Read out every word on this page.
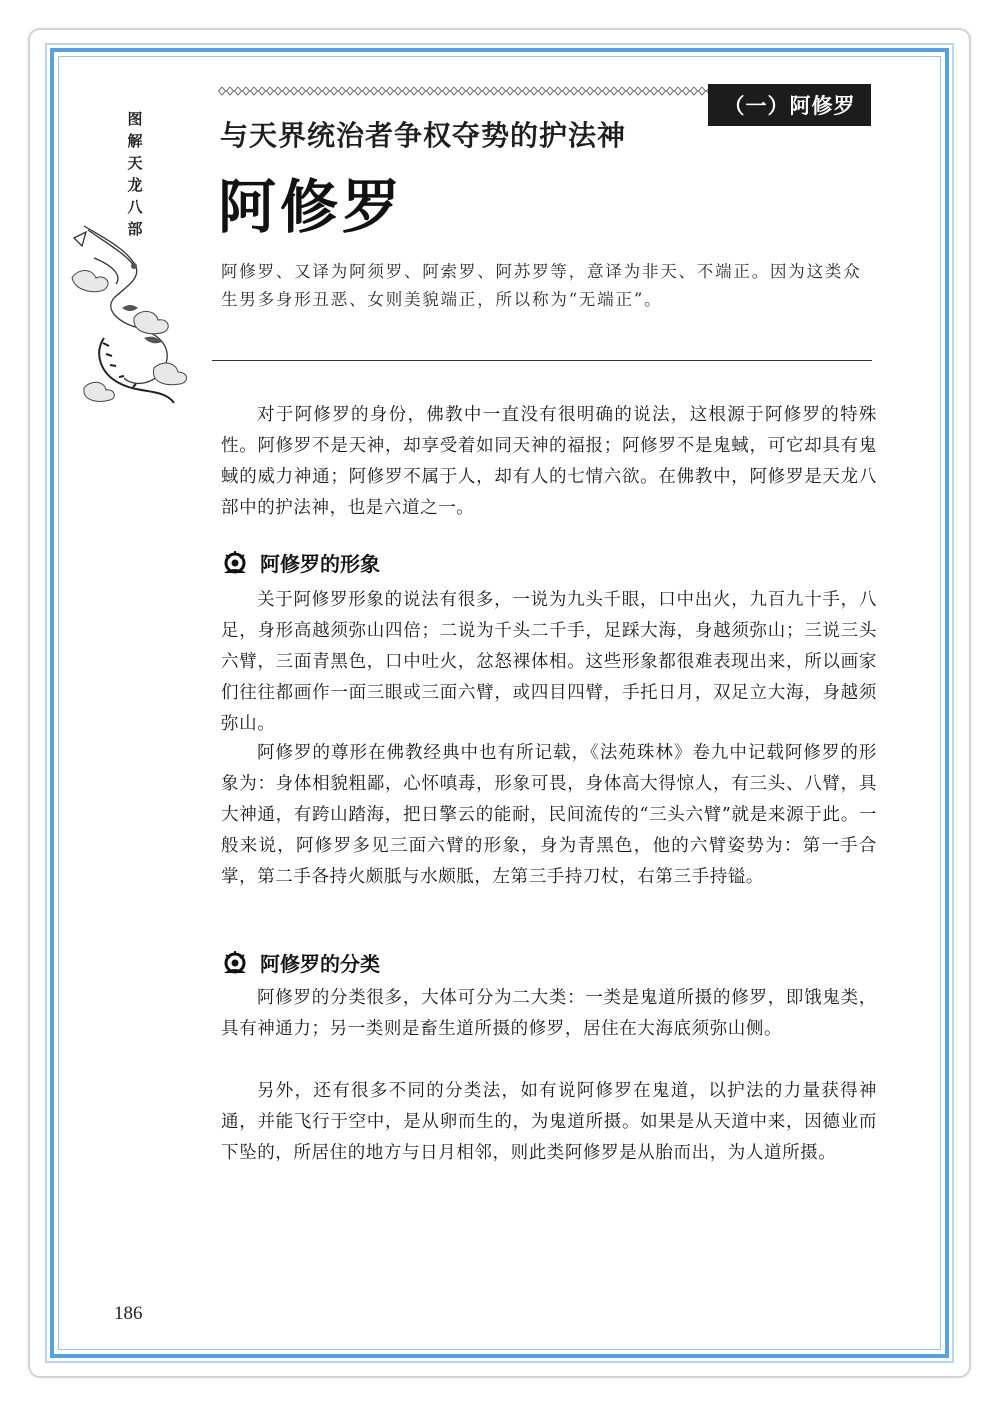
图
解
天
龙
八
部
（一）阿修罗
与天界统治者争权夺势的护法神
阿修罗

阿修罗、又译为阿须罗、阿索罗、阿苏罗等，意译为非天、不端正。因为这类众生男多身形丑恶、女则美貌端正，所以称为“无端正”。

对于阿修罗的身份，佛教中一直没有很明确的说法，这根源于阿修罗的特殊性。阿修罗不是天神，却享受着如同天神的福报；阿修罗不是鬼蜮，可它却具有鬼蜮的威力神通；阿修罗不属于人，却有人的七情六欲。在佛教中，阿修罗是天龙八部中的护法神，也是六道之一。

阿修罗的形象

关于阿修罗形象的说法有很多，一说为九头千眼，口中出火，九百九十手，八足，身形高越须弥山四倍；二说为千头二千手，足踩大海，身越须弥山；三说三头六臂，三面青黑色，口中吐火，忿怒裸体相。这些形象都很难表现出来，所以画家们往往都画作一面三眼或三面六臂，或四目四臂，手托日月，双足立大海，身越须弥山。

阿修罗的尊形在佛教经典中也有所记载，《法苑珠林》卷九中记载阿修罗的形象为：身体相貌粗鄙，心怀嗔毒，形象可畏，身体高大得惊人，有三头、八臂，具大神通，有跨山踏海，把日擎云的能耐，民间流传的“三头六臂”就是来源于此。一般来说，阿修罗多见三面六臂的形象，身为青黑色，他的六臂姿势为：第一手合掌，第二手各持火颇胝与水颇胝，左第三手持刀杖，右第三手持镒。

阿修罗的分类

阿修罗的分类很多，大体可分为二大类：一类是鬼道所摄的修罗，即饿鬼类，具有神通力；另一类则是畜生道所摄的修罗，居住在大海底须弥山侧。

另外，还有很多不同的分类法，如有说阿修罗在鬼道，以护法的力量获得神通，并能飞行于空中，是从卵而生的，为鬼道所摄。如果是从天道中来，因德业而下坠的，所居住的地方与日月相邻，则此类阿修罗是从胎而出，为人道所摄。

186
